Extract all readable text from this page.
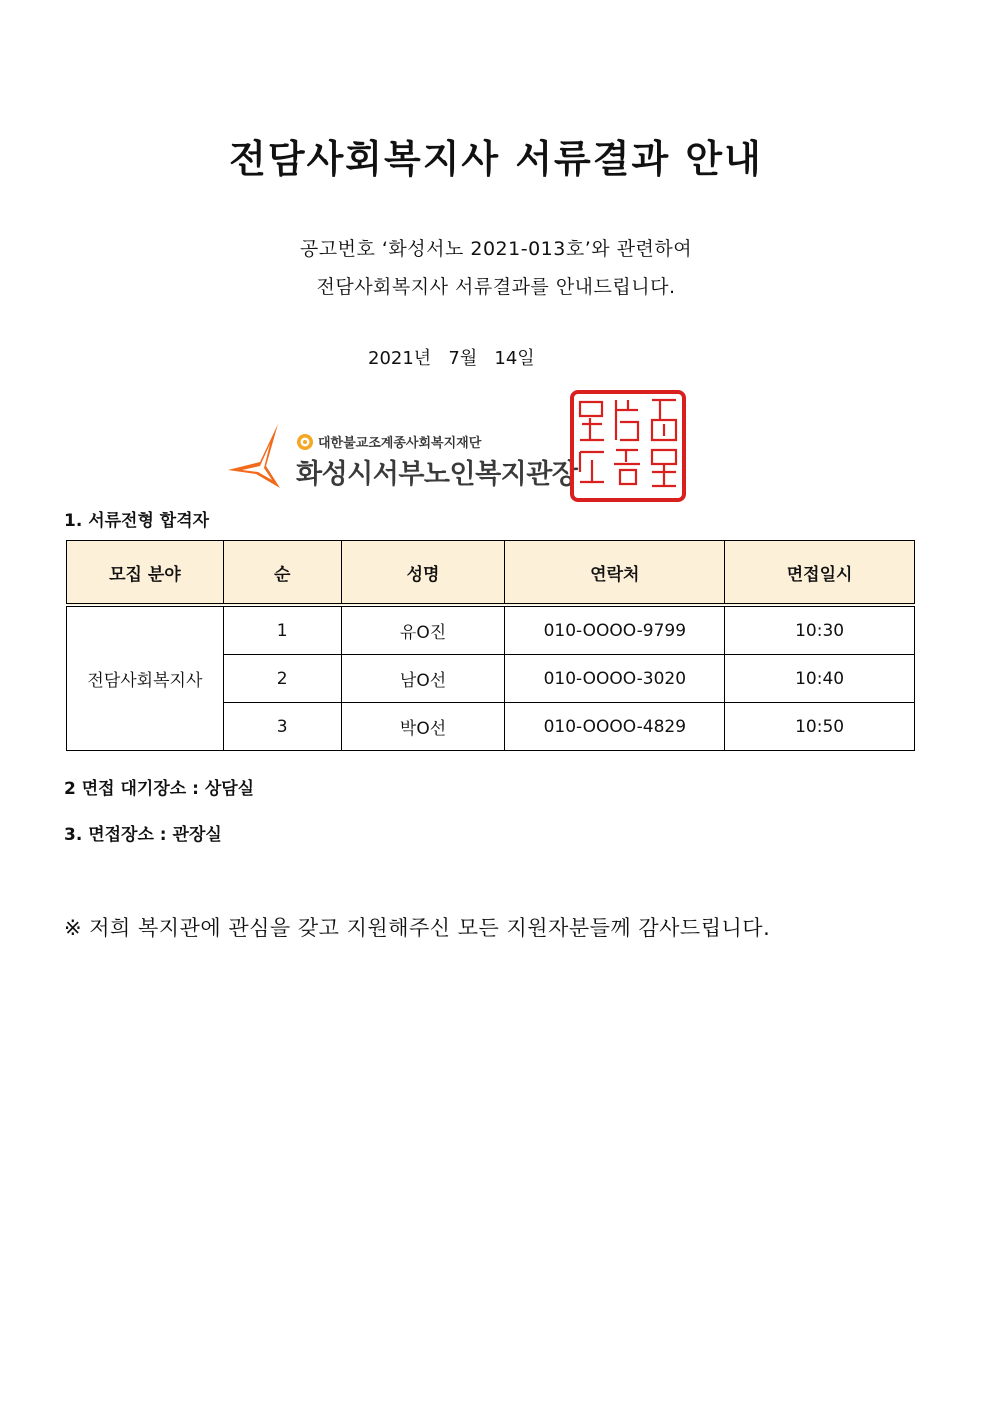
전담사회복지사 서류결과 안내
공고번호 ‘화성서노 2021-013호’와 관련하여
전담사회복지사 서류결과를 안내드립니다.
2021년   7월   14일
대한불교조계종사회복지재단
화성시서부노인복지관장
1. 서류전형 합격자
모집 분야	순	성명	연락처	면접일시
전담사회복지사	1	유O진	010-OOOO-9799	10:30
	2	남O선	010-OOOO-3020	10:40
	3	박O선	010-OOOO-4829	10:50
2 면접 대기장소 : 상담실
3. 면접장소 : 관장실
※ 저희 복지관에 관심을 갖고 지원해주신 모든 지원자분들께 감사드립니다.
